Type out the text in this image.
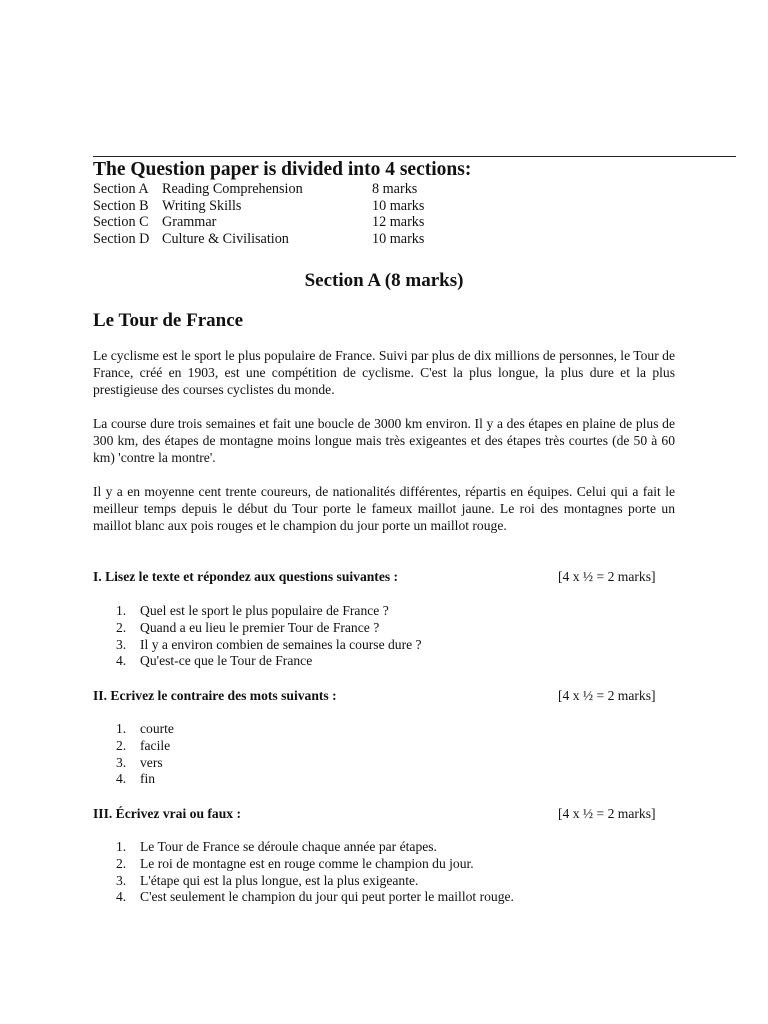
The Question paper is divided into 4 sections:
Section A Reading Comprehension	8 marks
Section B Writing Skills	10 marks
Section C Grammar	12 marks
Section D Culture & Civilisation	10 marks
Section A (8 marks)
Le Tour de France

Le cyclisme est le sport le plus populaire de France. Suivi par plus de dix millions de personnes, le Tour de France, créé en 1903, est une compétition de cyclisme. C'est la plus longue, la plus dure et la plus prestigieuse des courses cyclistes du monde.

La course dure trois semaines et fait une boucle de 3000 km environ. Il y a des étapes en plaine de plus de 300 km, des étapes de montagne moins longue mais très exigeantes et des étapes très courtes (de 50 à 60 km) 'contre la montre'.

Il y a en moyenne cent trente coureurs, de nationalités différentes, répartis en équipes. Celui qui a fait le meilleur temps depuis le début du Tour porte le fameux maillot jaune. Le roi des montagnes porte un maillot blanc aux pois rouges et le champion du jour porte un maillot rouge.

I. Lisez le texte et répondez aux questions suivantes :	[4 x ½ = 2 marks]
1. Quel est le sport le plus populaire de France ?
2. Quand a eu lieu le premier Tour de France ?
3. Il y a environ combien de semaines la course dure ?
4. Qu'est-ce que le Tour de France
II. Ecrivez le contraire des mots suivants :	[4 x ½ = 2 marks]
1. courte
2. facile
3. vers
4. fin
III. Écrivez vrai ou faux :	[4 x ½ = 2 marks]
1. Le Tour de France se déroule chaque année par étapes.
2. Le roi de montagne est en rouge comme le champion du jour.
3. L'étape qui est la plus longue, est la plus exigeante.
4. C'est seulement le champion du jour qui peut porter le maillot rouge.
